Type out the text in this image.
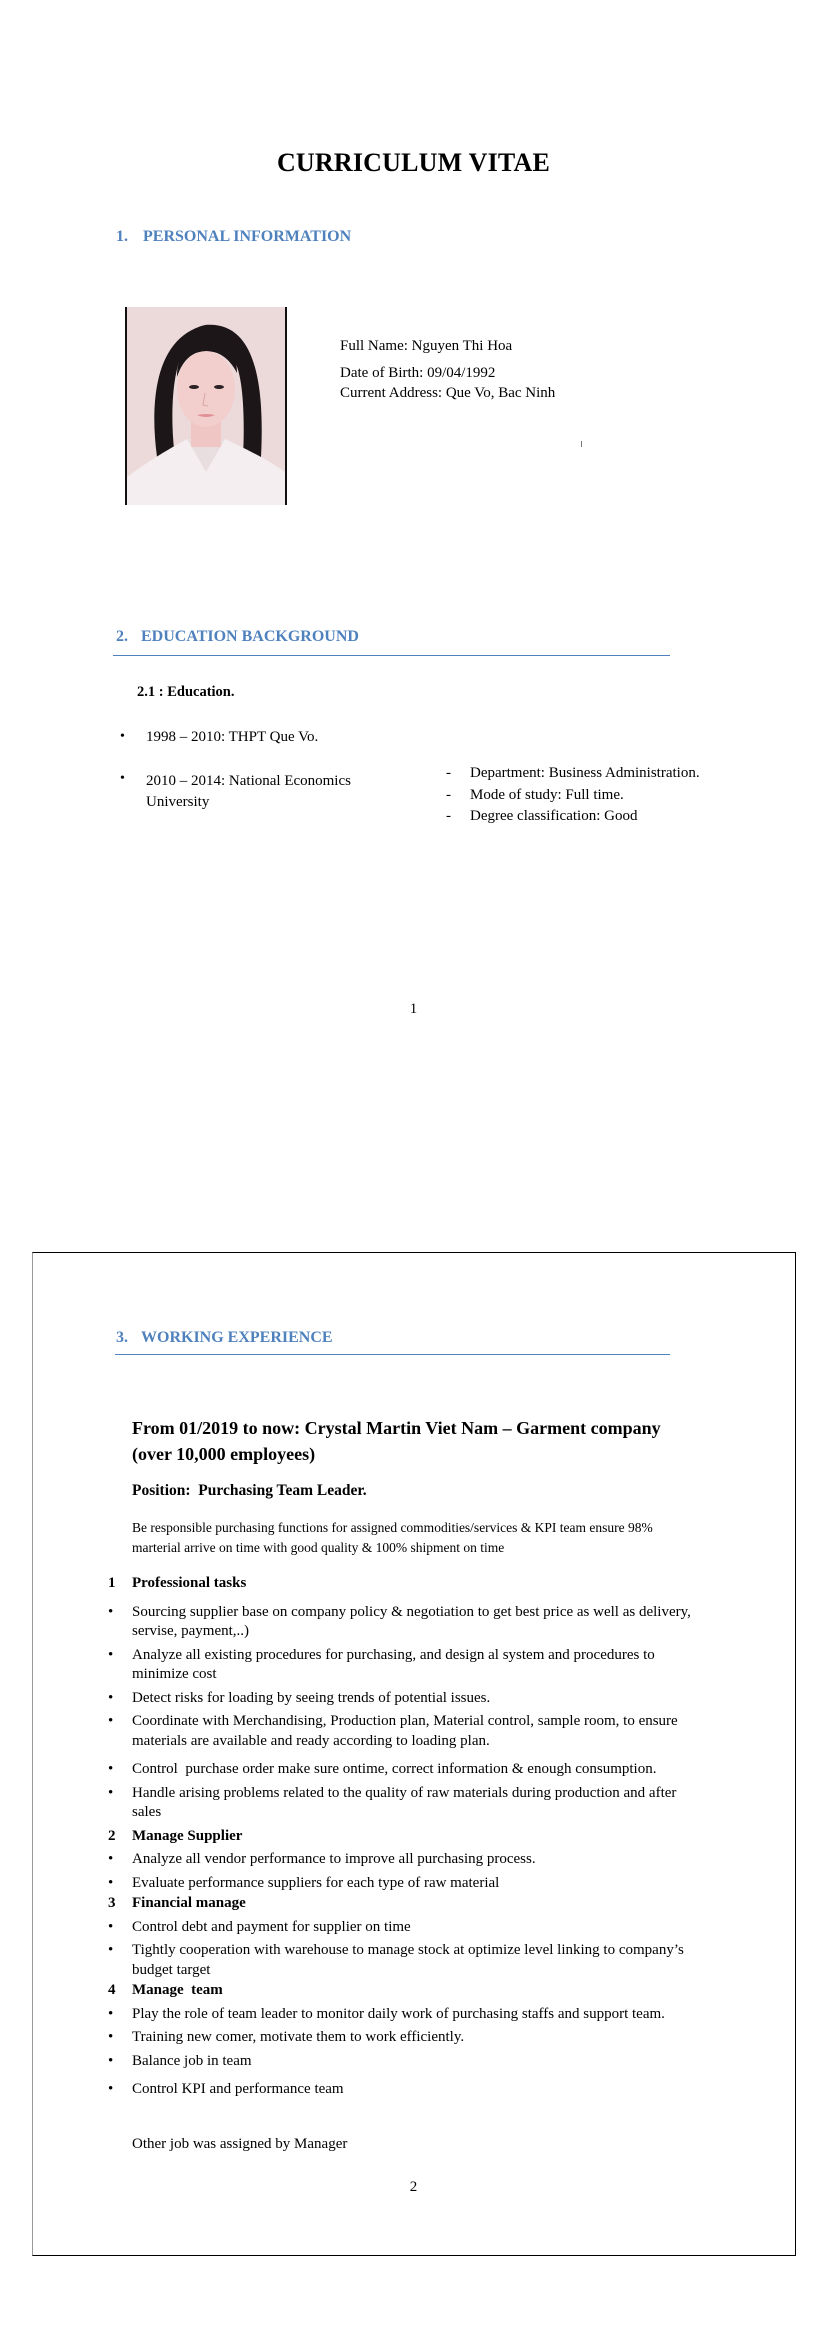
CURRICULUM VITAE
1. PERSONAL INFORMATION
Full Name: Nguyen Thi Hoa
Date of Birth: 09/04/1992
Current Address: Que Vo, Bac Ninh
2. EDUCATION BACKGROUND
2.1 : Education.
• 1998 – 2010: THPT Que Vo.
• 2010 – 2014: National Economics
University
- Department: Business Administration.
- Mode of study: Full time.
- Degree classification: Good
1
3. WORKING EXPERIENCE
From 01/2019 to now: Crystal Martin Viet Nam – Garment company
(over 10,000 employees)
Position:  Purchasing Team Leader.
Be responsible purchasing functions for assigned commodities/services & KPI team ensure 98%
marterial arrive on time with good quality & 100% shipment on time
1	Professional tasks
•	Sourcing supplier base on company policy & negotiation to get best price as well as delivery,
servise, payment,..)
•	Analyze all existing procedures for purchasing, and design al system and procedures to
minimize cost
•	Detect risks for loading by seeing trends of potential issues.
•	Coordinate with Merchandising, Production plan, Material control, sample room, to ensure
materials are available and ready according to loading plan.
•	Control  purchase order make sure ontime, correct information & enough consumption.
•	Handle arising problems related to the quality of raw materials during production and after
sales
2	Manage Supplier
•	Analyze all vendor performance to improve all purchasing process.
•	Evaluate performance suppliers for each type of raw material
3	Financial manage
•	Control debt and payment for supplier on time
•	Tightly cooperation with warehouse to manage stock at optimize level linking to company’s
budget target
4	Manage  team
•	Play the role of team leader to monitor daily work of purchasing staffs and support team.
•	Training new comer, motivate them to work efficiently.
•	Balance job in team
•	Control KPI and performance team
Other job was assigned by Manager
2
